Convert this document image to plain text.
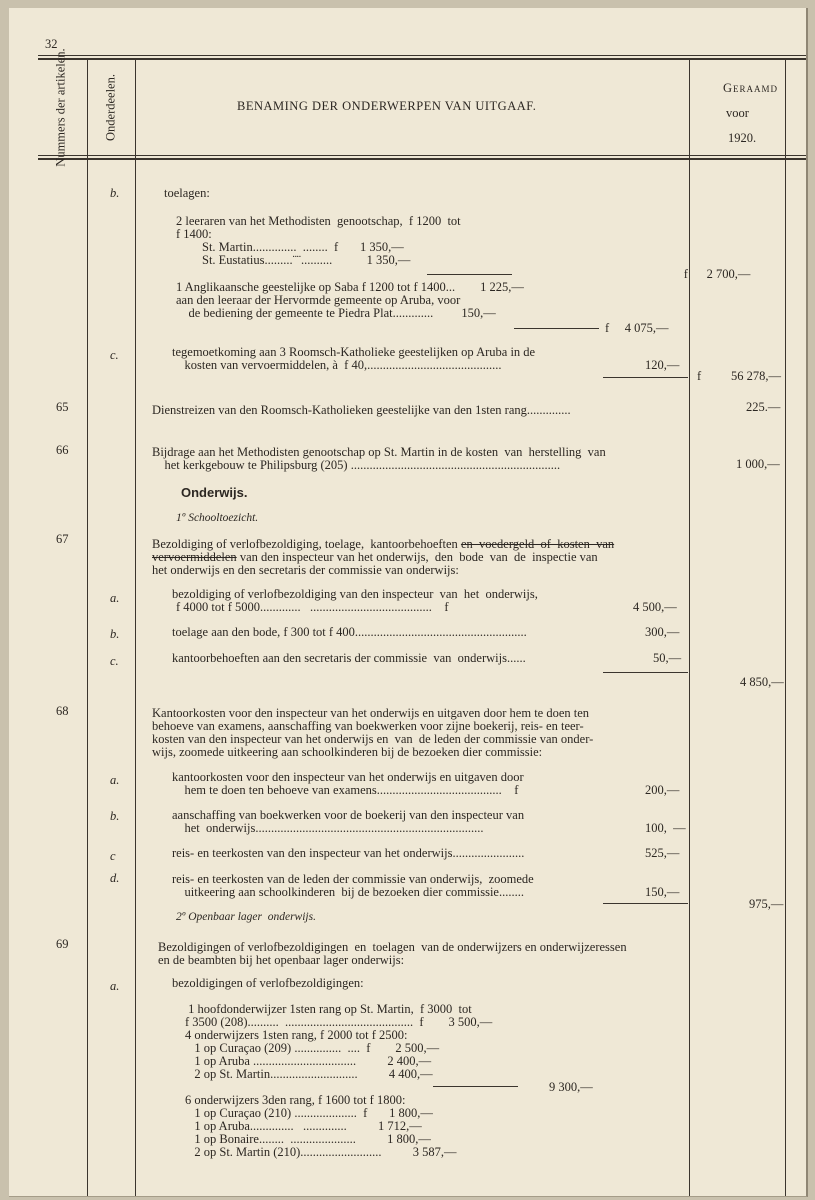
32
Nummers der artikelen.	Onderdeelen.	BENAMING DER ONDERWERPEN VAN UITGAAF.
Geraamd
voor
1920.
b.	toelagen:
2 leeraren van het Methodisten  genootschap,  f 1200  tot
f 1400:
St. Martin..............  ........  f       1 350,—
St. Eustatius.........¨¨..........           1 350,—
f      2 700,—
1 Anglikaansche geestelijke op Saba f 1200 tot f 1400...        1 225,—
aan den leeraar der Hervormde gemeente op Aruba, voor
de bediening der gemeente te Piedra Plat.............         150,—
f     4 075,—
c.	tegemoetkoming aan 3 Roomsch-Katholieke geestelijken op Aruba in de
kosten van vervoermiddelen, à  f 40,...........................................	120,—
f 56 278,—
65	Dienstreizen van den Roomsch-Katholieken geestelijke van den 1sten rang..............	225.—
66	Bijdrage aan het Methodisten genootschap op St. Martin in de kosten  van  herstelling  van
het kerkgebouw te Philipsburg (205) ...................................................................	1 000,—
Onderwijs.
1º Schooltoezicht.
67	Bezoldiging of verlofbezoldiging, toelage,  kantoorbehoeften en  voedergeld  of  kosten  van
vervoermiddelen van den inspecteur van het onderwijs,  den  bode  van  de  inspectie van
het onderwijs en den secretaris der commissie van onderwijs:
a.	bezoldiging of verlofbezoldiging van den inspecteur  van  het  onderwijs,
f 4000 tot f 5000.............   .......................................    f	4 500,—
b.	toelage aan den bode, f 300 tot f 400.......................................................	300,—
c.	kantoorbehoeften aan den secretaris der commissie  van  onderwijs......	50,—
4 850,—
68	Kantoorkosten voor den inspecteur van het onderwijs en uitgaven door hem te doen ten
behoeve van examens, aanschaffing van boekwerken voor zijne boekerij, reis- en teer-
kosten van den inspecteur van het onderwijs en  van  de leden der commissie van onder-
wijs, zoomede uitkeering aan schoolkinderen bij de bezoeken dier commissie:
a.	kantoorkosten voor den inspecteur van het onderwijs en uitgaven door
hem te doen ten behoeve van examens........................................    f	200,—
b.	aanschaffing van boekwerken voor de boekerij van den inspecteur van
het  onderwijs.........................................................................	100,  —
c	reis- en teerkosten van den inspecteur van het onderwijs.......................	525,—
d.	reis- en teerkosten van de leden der commissie van onderwijs,  zoomede
uitkeering aan schoolkinderen  bij de bezoeken dier commissie........	150,—
975,—
2º Openbaar lager  onderwijs.
69	Bezoldigingen of verlofbezoldigingen  en  toelagen  van de onderwijzers en onderwijzeressen
en de beambten bij het openbaar lager onderwijs:
a.	bezoldigingen of verlofbezoldigingen:
1 hoofdonderwijzer 1sten rang op St. Martin,  f 3000  tot
f 3500 (208)..........  .........................................  f        3 500,—
4 onderwijzers 1sten rang, f 2000 tot f 2500:
1 op Curaçao (209) ...............  ....  f        2 500,—
1 op Aruba .................................          2 400,—
2 op St. Martin............................          4 400,—
9 300,—
6 onderwijzers 3den rang, f 1600 tot f 1800:
1 op Curaçao (210) ....................  f       1 800,—
1 op Aruba..............   ..............          1 712,—
1 op Bonaire........  .....................          1 800,—
2 op St. Martin (210)..........................          3 587,—
